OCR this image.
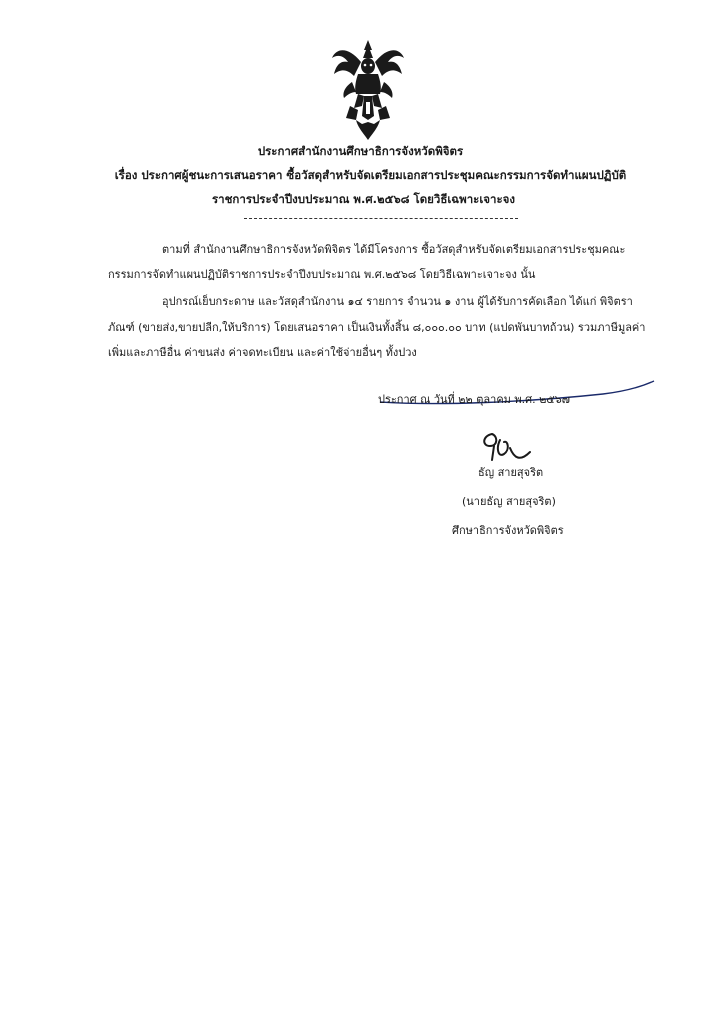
ประกาศสำนักงานศึกษาธิการจังหวัดพิจิตร
เรื่อง ประกาศผู้ชนะการเสนอราคา ซื้อวัสดุสำหรับจัดเตรียมเอกสารประชุมคณะกรรมการจัดทำแผนปฏิบัติ
ราชการประจำปีงบประมาณ พ.ศ.๒๕๖๘ โดยวิธีเฉพาะเจาะจง
ตามที่ สำนักงานศึกษาธิการจังหวัดพิจิตร ได้มีโครงการ ซื้อวัสดุสำหรับจัดเตรียมเอกสารประชุมคณะ
กรรมการจัดทำแผนปฏิบัติราชการประจำปีงบประมาณ พ.ศ.๒๕๖๘ โดยวิธีเฉพาะเจาะจง นั้น
อุปกรณ์เย็บกระดาษ และวัสดุสำนักงาน ๑๔ รายการ จำนวน ๑ งาน ผู้ได้รับการคัดเลือก ได้แก่ พิจิตรา
ภัณฑ์ (ขายส่ง,ขายปลีก,ให้บริการ) โดยเสนอราคา เป็นเงินทั้งสิ้น ๘,๐๐๐.๐๐ บาท (แปดพันบาทถ้วน) รวมภาษีมูลค่า
เพิ่มและภาษีอื่น ค่าขนส่ง ค่าจดทะเบียน และค่าใช้จ่ายอื่นๆ ทั้งปวง
ประกาศ ณ วันที่ ๒๒ ตุลาคม พ.ศ. ๒๕๖๗
ธัญ สายสุจริต
(นายธัญ สายสุจริต)
ศึกษาธิการจังหวัดพิจิตร
